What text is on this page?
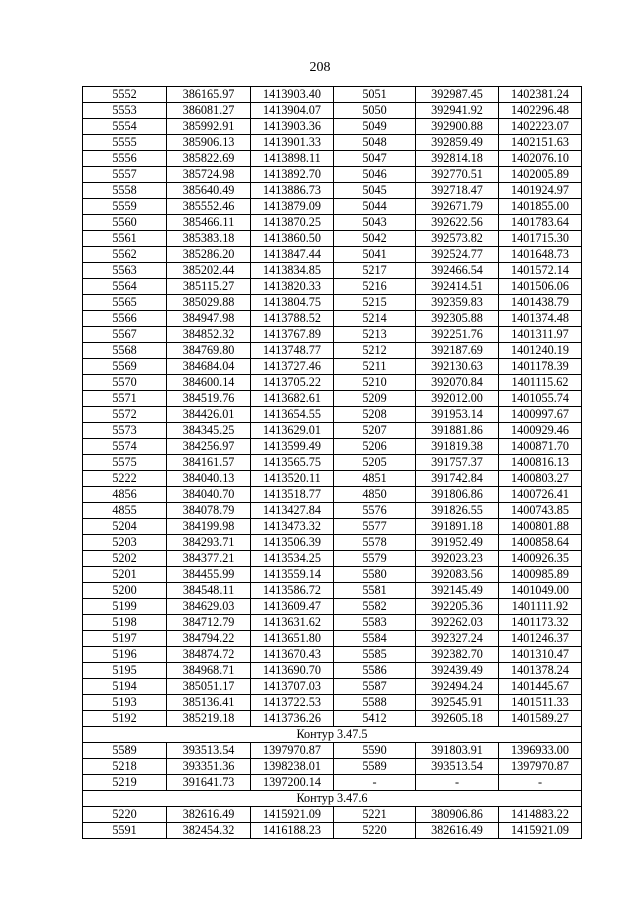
208
5552	386165.97	1413903.40	5051	392987.45	1402381.24
5553	386081.27	1413904.07	5050	392941.92	1402296.48
5554	385992.91	1413903.36	5049	392900.88	1402223.07
5555	385906.13	1413901.33	5048	392859.49	1402151.63
5556	385822.69	1413898.11	5047	392814.18	1402076.10
5557	385724.98	1413892.70	5046	392770.51	1402005.89
5558	385640.49	1413886.73	5045	392718.47	1401924.97
5559	385552.46	1413879.09	5044	392671.79	1401855.00
5560	385466.11	1413870.25	5043	392622.56	1401783.64
5561	385383.18	1413860.50	5042	392573.82	1401715.30
5562	385286.20	1413847.44	5041	392524.77	1401648.73
5563	385202.44	1413834.85	5217	392466.54	1401572.14
5564	385115.27	1413820.33	5216	392414.51	1401506.06
5565	385029.88	1413804.75	5215	392359.83	1401438.79
5566	384947.98	1413788.52	5214	392305.88	1401374.48
5567	384852.32	1413767.89	5213	392251.76	1401311.97
5568	384769.80	1413748.77	5212	392187.69	1401240.19
5569	384684.04	1413727.46	5211	392130.63	1401178.39
5570	384600.14	1413705.22	5210	392070.84	1401115.62
5571	384519.76	1413682.61	5209	392012.00	1401055.74
5572	384426.01	1413654.55	5208	391953.14	1400997.67
5573	384345.25	1413629.01	5207	391881.86	1400929.46
5574	384256.97	1413599.49	5206	391819.38	1400871.70
5575	384161.57	1413565.75	5205	391757.37	1400816.13
5222	384040.13	1413520.11	4851	391742.84	1400803.27
4856	384040.70	1413518.77	4850	391806.86	1400726.41
4855	384078.79	1413427.84	5576	391826.55	1400743.85
5204	384199.98	1413473.32	5577	391891.18	1400801.88
5203	384293.71	1413506.39	5578	391952.49	1400858.64
5202	384377.21	1413534.25	5579	392023.23	1400926.35
5201	384455.99	1413559.14	5580	392083.56	1400985.89
5200	384548.11	1413586.72	5581	392145.49	1401049.00
5199	384629.03	1413609.47	5582	392205.36	1401111.92
5198	384712.79	1413631.62	5583	392262.03	1401173.32
5197	384794.22	1413651.80	5584	392327.24	1401246.37
5196	384874.72	1413670.43	5585	392382.70	1401310.47
5195	384968.71	1413690.70	5586	392439.49	1401378.24
5194	385051.17	1413707.03	5587	392494.24	1401445.67
5193	385136.41	1413722.53	5588	392545.91	1401511.33
5192	385219.18	1413736.26	5412	392605.18	1401589.27
Контур 3.47.5					
5589	393513.54	1397970.87	5590	391803.91	1396933.00
5218	393351.36	1398238.01	5589	393513.54	1397970.87
5219	391641.73	1397200.14	-	-	-
Контур 3.47.6					
5220	382616.49	1415921.09	5221	380906.86	1414883.22
5591	382454.32	1416188.23	5220	382616.49	1415921.09
